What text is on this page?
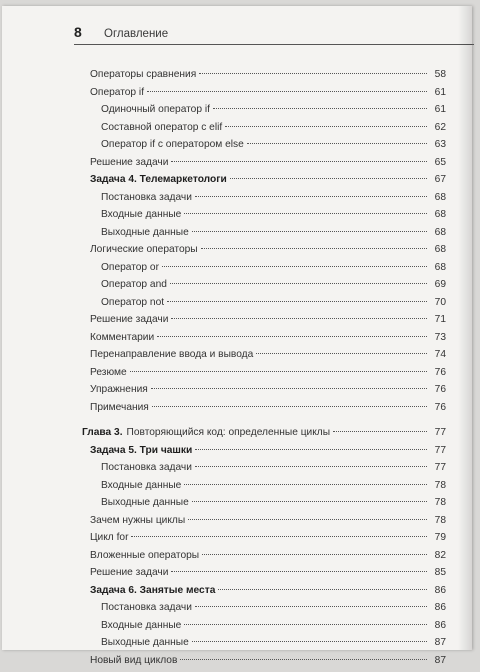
8	Оглавление
Операторы сравнения	58
Оператор if	61
Одиночный оператор if	61
Составной оператор с elif	62
Оператор if с оператором else	63
Решение задачи	65
Задача 4. Телемаркетологи	67
Постановка задачи	68
Входные данные	68
Выходные данные	68
Логические операторы	68
Оператор or	68
Оператор and	69
Оператор not	70
Решение задачи	71
Комментарии	73
Перенаправление ввода и вывода	74
Резюме	76
Упражнения	76
Примечания	76
Глава 3. Повторяющийся код: определенные циклы	77
Задача 5. Три чашки	77
Постановка задачи	77
Входные данные	78
Выходные данные	78
Зачем нужны циклы	78
Цикл for	79
Вложенные операторы	82
Решение задачи	85
Задача 6. Занятые места	86
Постановка задачи	86
Входные данные	86
Выходные данные	87
Новый вид циклов	87
